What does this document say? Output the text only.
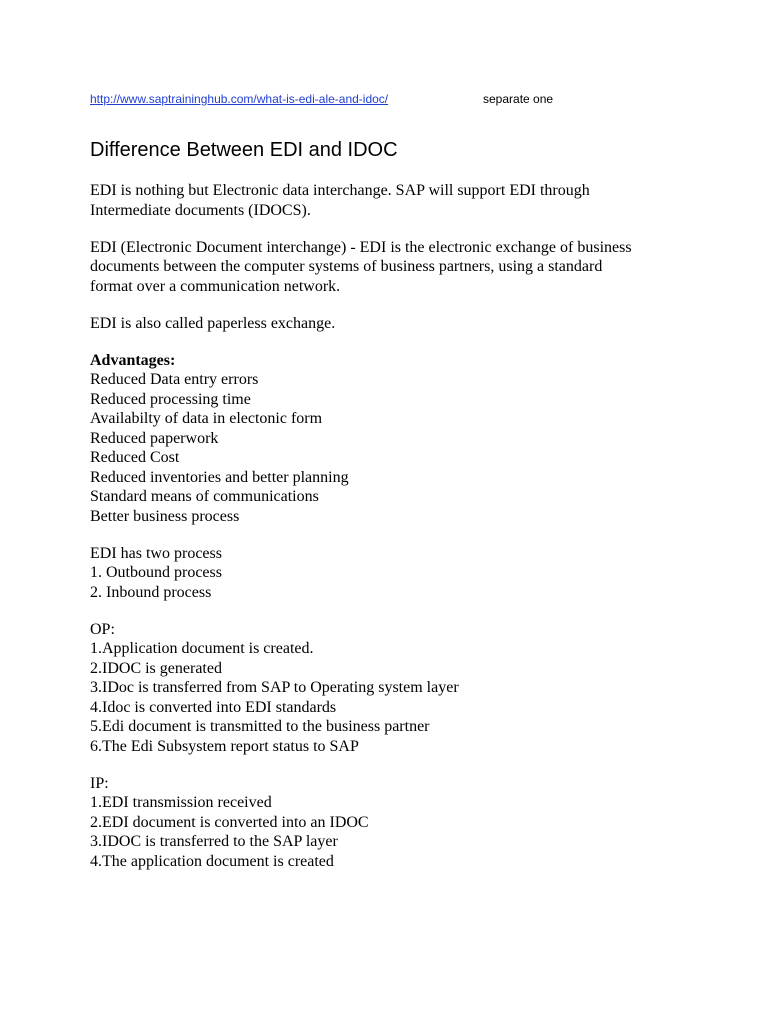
http://www.saptraininghub.com/what-is-edi-ale-and-idoc/	separate one
Difference Between EDI and IDOC

EDI is nothing but Electronic data interchange. SAP will support EDI through
Intermediate documents (IDOCS).

EDI (Electronic Document interchange) - EDI is the electronic exchange of business
documents between the computer systems of business partners, using a standard
format over a communication network.

EDI is also called paperless exchange.

Advantages:
Reduced Data entry errors
Reduced processing time
Availabilty of data in electonic form
Reduced paperwork
Reduced Cost
Reduced inventories and better planning
Standard means of communications
Better business process
EDI has two process
1. Outbound process
2. Inbound process
OP:
1.Application document is created.
2.IDOC is generated
3.IDoc is transferred from SAP to Operating system layer
4.Idoc is converted into EDI standards
5.Edi document is transmitted to the business partner
6.The Edi Subsystem report status to SAP
IP:
1.EDI transmission received
2.EDI document is converted into an IDOC
3.IDOC is transferred to the SAP layer
4.The application document is created
